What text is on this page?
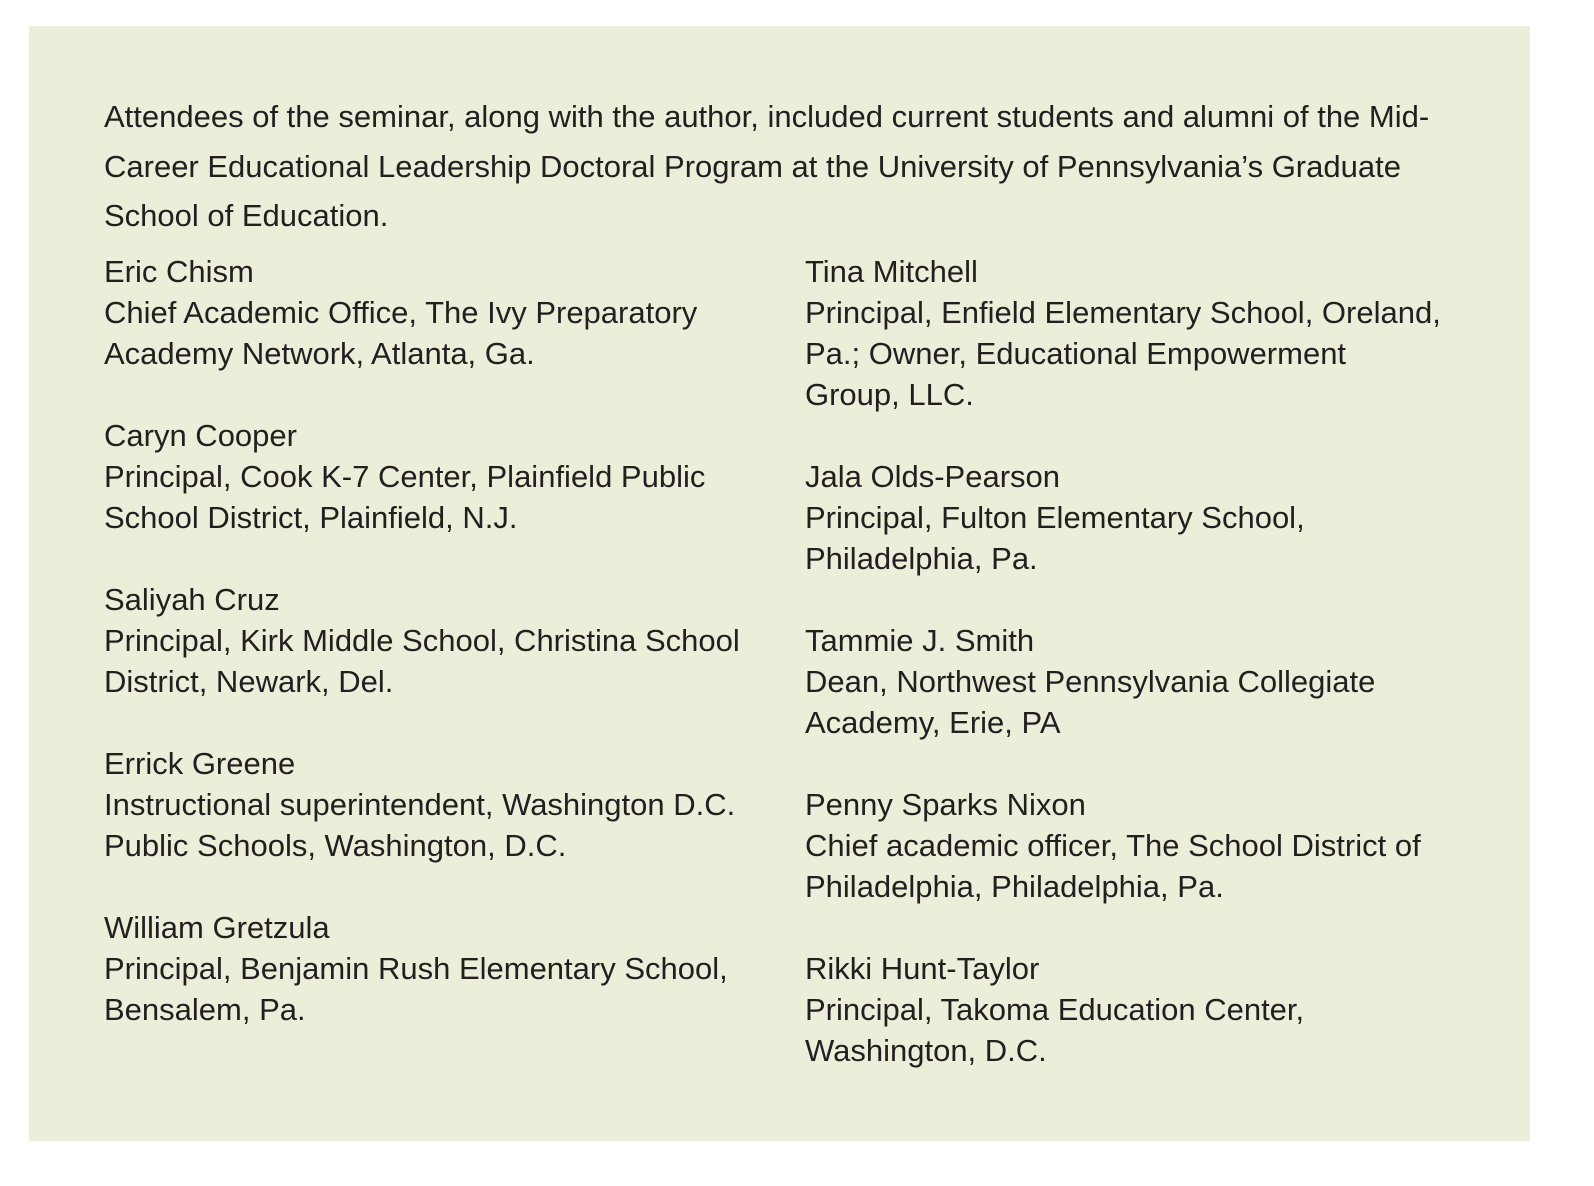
Attendees of the seminar, along with the author, included current students and alumni of the Mid-Career Educational Leadership Doctoral Program at the University of Pennsylvania’s Graduate School of Education.

Eric Chism
Chief Academic Office, The Ivy Preparatory
Academy Network, Atlanta, Ga.
Caryn Cooper
Principal, Cook K-7 Center, Plainfield Public
School District, Plainfield, N.J.
Saliyah Cruz
Principal, Kirk Middle School, Christina School
District, Newark, Del.
Errick Greene
Instructional superintendent, Washington D.C.
Public Schools, Washington, D.C.
William Gretzula
Principal, Benjamin Rush Elementary School,
Bensalem, Pa.
Tina Mitchell
Principal, Enfield Elementary School, Oreland,
Pa.; Owner, Educational Empowerment
Group, LLC.
Jala Olds-Pearson
Principal, Fulton Elementary School,
Philadelphia, Pa.
Tammie J. Smith
Dean, Northwest Pennsylvania Collegiate
Academy, Erie, PA
Penny Sparks Nixon
Chief academic officer, The School District of
Philadelphia, Philadelphia, Pa.
Rikki Hunt-Taylor
Principal, Takoma Education Center,
Washington, D.C.
